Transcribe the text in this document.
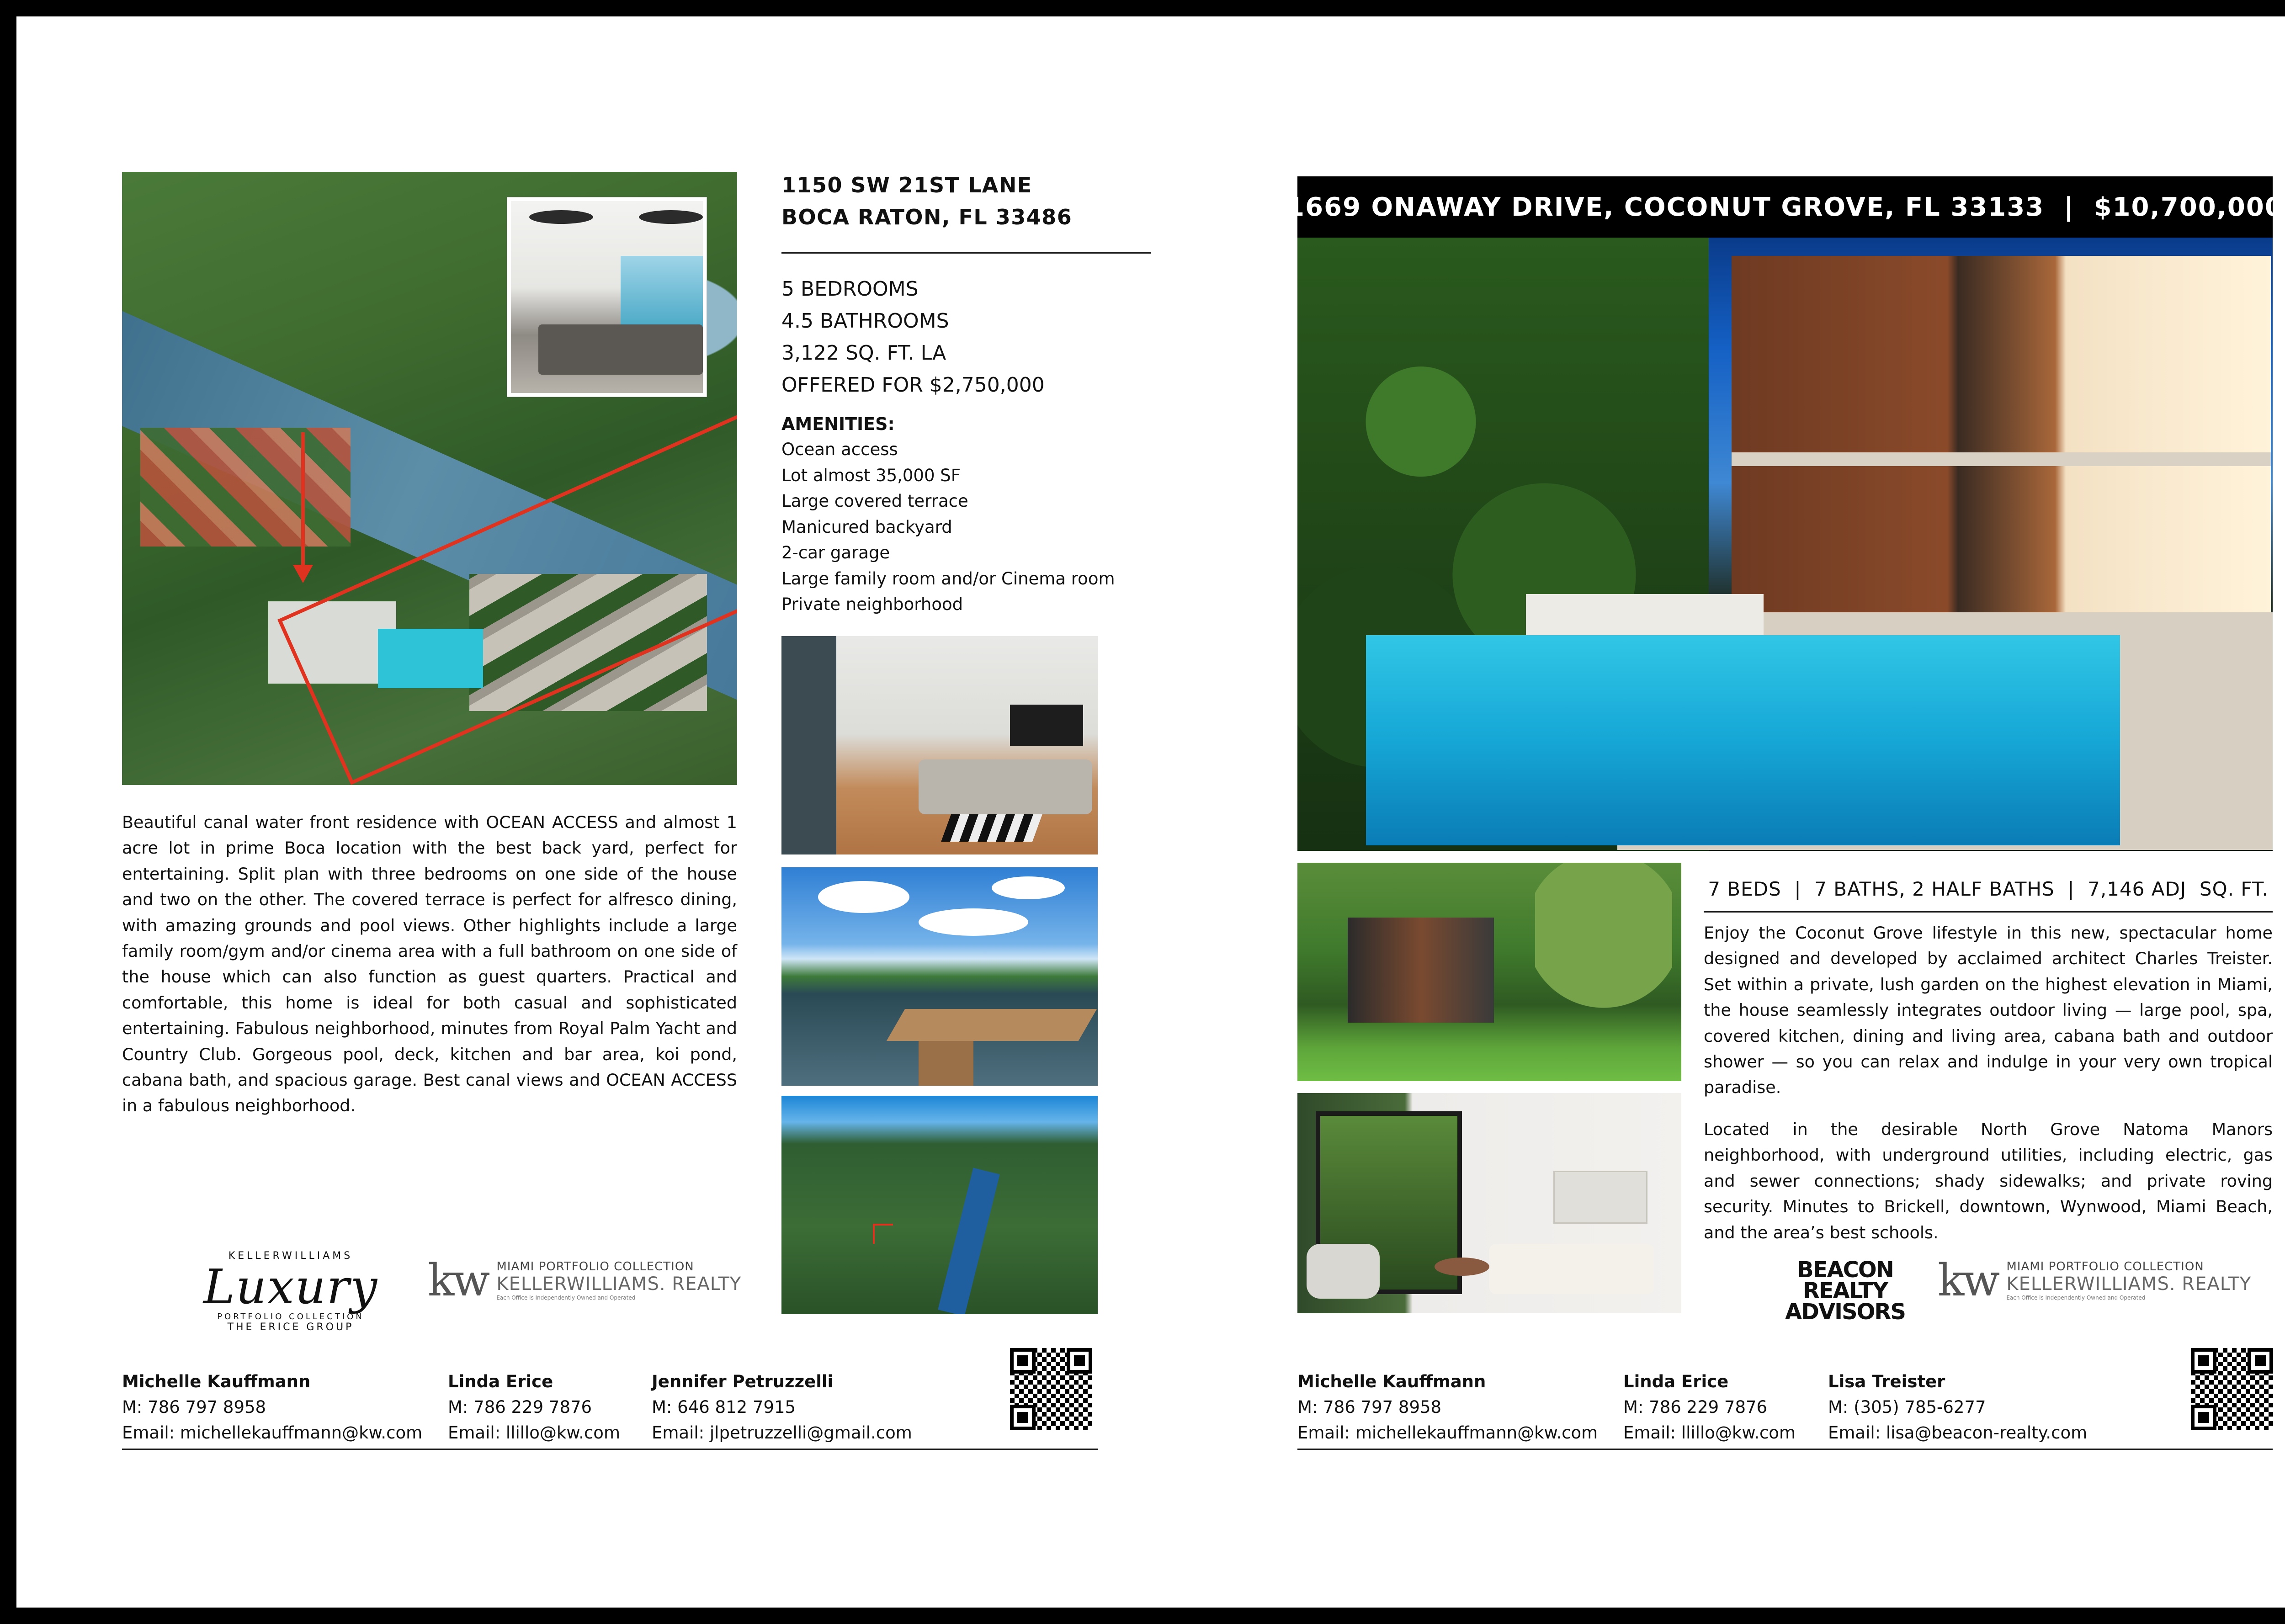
1150 SW 21ST LANE
BOCA RATON, FL 33486
5 BEDROOMS
4.5 BATHROOMS
3,122 SQ. FT. LA
OFFERED FOR $2,750,000
AMENITIES:
Ocean access
Lot almost 35,000 SF
Large covered terrace
Manicured backyard
2-car garage
Large family room and/or Cinema room
Private neighborhood
Beautiful canal water front residence with OCEAN ACCESS and almost 1 acre lot in prime Boca location with the best back yard, perfect for entertaining. Split plan with three bedrooms on one side of the house and two on the other. The covered terrace is perfect for alfresco dining, with amazing grounds and pool views. Other highlights include a large family room/gym and/or cinema area with a full bathroom on one side of the house which can also function as guest quarters. Practical and comfortable, this home is ideal for both casual and sophisticated entertaining. Fabulous neighborhood, minutes from Royal Palm Yacht and Country Club. Gorgeous pool, deck, kitchen and bar area, koi pond, cabana bath, and spacious garage. Best canal views and OCEAN ACCESS in a fabulous neighborhood.
KELLERWILLIAMS
Luxury
PORTFOLIO COLLECTION
THE ERICE GROUP
kw MIAMI PORTFOLIO COLLECTION
KELLERWILLIAMS. REALTY
Each Office is Independently Owned and Operated
Michelle Kauffmann
M: 786 797 8958
Email: michellekauffmann@kw.com
Linda Erice
M: 786 229 7876
Email: llillo@kw.com
Jennifer Petruzzelli
M: 646 812 7915
Email: jlpetruzzelli@gmail.com
1669 ONAWAY DRIVE, COCONUT GROVE, FL 33133  |  $10,700,000
7 BEDS  |  7 BATHS, 2 HALF BATHS  |  7,146 ADJ  SQ. FT.
Enjoy the Coconut Grove lifestyle in this new, spectacular home designed and developed by acclaimed architect Charles Treister. Set within a private, lush garden on the highest elevation in Miami, the house seamlessly integrates outdoor living — large pool, spa, covered kitchen, dining and living area, cabana bath and outdoor shower — so you can relax and indulge in your very own tropical paradise.
Located in the desirable North Grove Natoma Manors neighborhood, with underground utilities, including electric, gas and sewer connections; shady sidewalks; and private roving security. Minutes to Brickell, downtown, Wynwood, Miami Beach, and the area’s best schools.
BEACON
REALTY
ADVISORS
kw MIAMI PORTFOLIO COLLECTION
KELLERWILLIAMS. REALTY
Each Office is Independently Owned and Operated
Michelle Kauffmann
M: 786 797 8958
Email: michellekauffmann@kw.com
Linda Erice
M: 786 229 7876
Email: llillo@kw.com
Lisa Treister
M: (305) 785-6277
Email: lisa@beacon-realty.com
